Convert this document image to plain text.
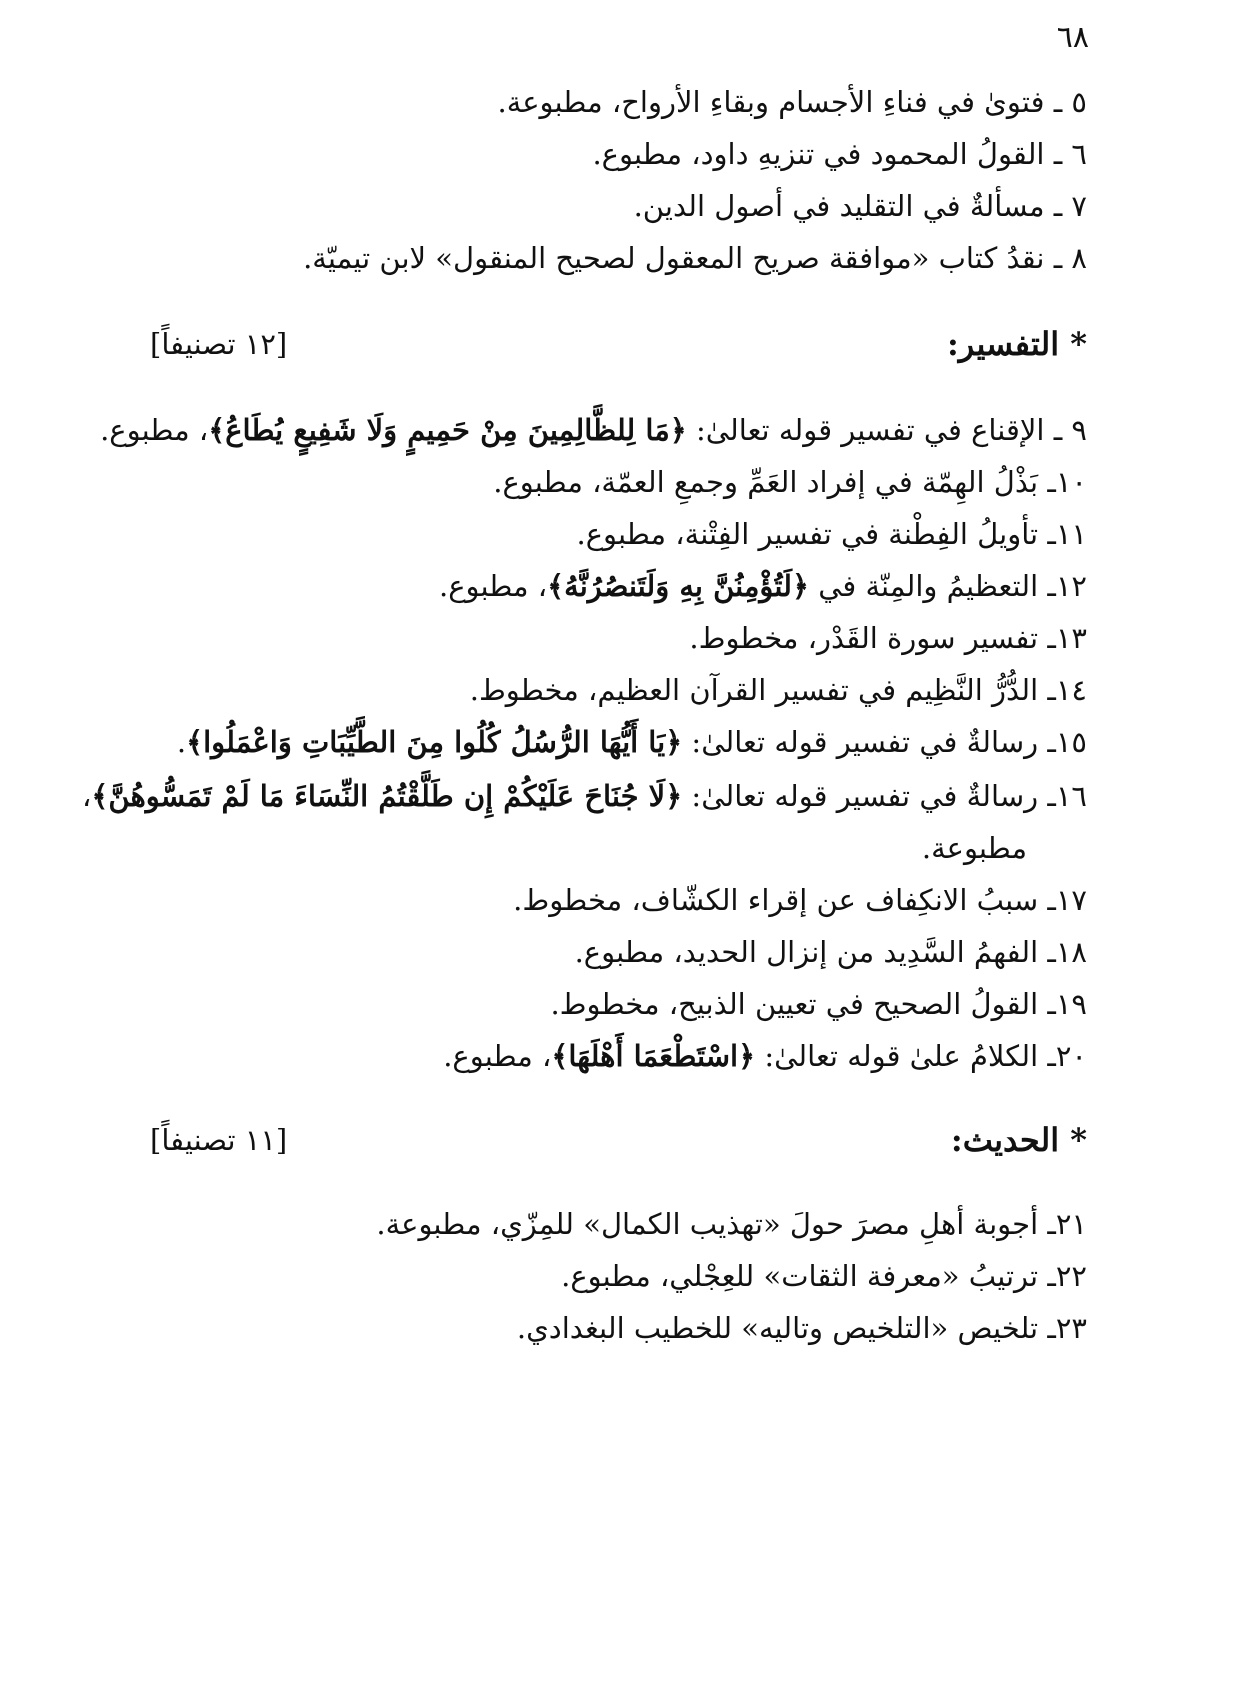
٦٨
٥ ـ فتوىٰ في فناءِ الأجسام وبقاءِ الأرواح، مطبوعة.
٦ ـ القولُ المحمود في تنزيهِ داود، مطبوع.
٧ ـ مسألةٌ في التقليد في أصول الدين.
٨ ـ نقدُ كتاب «موافقة صريح المعقول لصحيح المنقول» لابن تيميّة.
* التفسير:
[١٢ تصنيفاً]
٩ ـ الإقناع في تفسير قوله تعالىٰ: ﴿مَا لِلظَّالِمِينَ مِنْ حَمِيمٍ وَلَا شَفِيعٍ يُطَاعُ﴾، مطبوع.
١٠ـ بَذْلُ الهِمّة في إفراد العَمِّ وجمعِ العمّة، مطبوع.
١١ـ تأويلُ الفِطْنة في تفسير الفِتْنة، مطبوع.
١٢ـ التعظيمُ والمِنّة في ﴿لَتُؤْمِنُنَّ بِهِ وَلَتَنصُرُنَّهُ﴾، مطبوع.
١٣ـ تفسير سورة القَدْر، مخطوط.
١٤ـ الدُّرُّ النَّظِيم في تفسير القرآن العظيم، مخطوط.
١٥ـ رسالةٌ في تفسير قوله تعالىٰ: ﴿يَا أَيُّهَا الرُّسُلُ كُلُوا مِنَ الطَّيِّبَاتِ وَاعْمَلُوا﴾.
١٦ـ رسالةٌ في تفسير قوله تعالىٰ: ﴿لَا جُنَاحَ عَلَيْكُمْ إِن طَلَّقْتُمُ النِّسَاءَ مَا لَمْ تَمَسُّوهُنَّ﴾،
مطبوعة.
١٧ـ سببُ الانكِفاف عن إقراء الكشّاف، مخطوط.
١٨ـ الفهمُ السَّدِيد من إنزال الحديد، مطبوع.
١٩ـ القولُ الصحيح في تعيين الذبيح، مخطوط.
٢٠ـ الكلامُ علىٰ قوله تعالىٰ: ﴿اسْتَطْعَمَا أَهْلَهَا﴾، مطبوع.
* الحديث:
[١١ تصنيفاً]
٢١ـ أجوبة أهلِ مصرَ حولَ «تهذيب الكمال» للمِزّي، مطبوعة.
٢٢ـ ترتيبُ «معرفة الثقات» للعِجْلي، مطبوع.
٢٣ـ تلخيص «التلخيص وتاليه» للخطيب البغدادي.
